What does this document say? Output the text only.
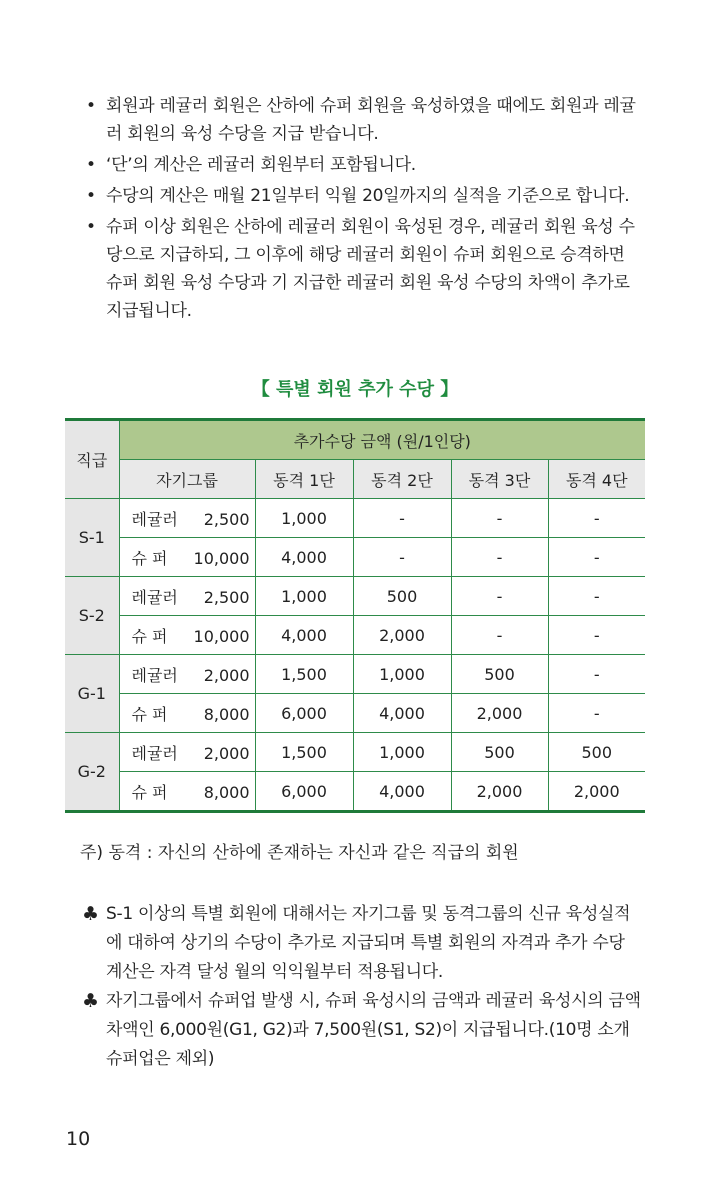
• 회원과 레귤러 회원은 산하에 슈퍼 회원을 육성하였을 때에도 회원과 레귤러 회원의 육성 수당을 지급 받습니다.
• ‘단’의 계산은 레귤러 회원부터 포함됩니다.
• 수당의 계산은 매월 21일부터 익월 20일까지의 실적을 기준으로 합니다.
• 슈퍼 이상 회원은 산하에 레귤러 회원이 육성된 경우, 레귤러 회원 육성 수당으로 지급하되, 그 이후에 해당 레귤러 회원이 슈퍼 회원으로 승격하면 슈퍼 회원 육성 수당과 기 지급한 레귤러 회원 육성 수당의 차액이 추가로 지급됩니다.
【 특별 회원 추가 수당 】
직급	추가수당 금액 (원/1인당)				
	자기그룹	동격 1단	동격 2단	동격 3단	동격 4단
S-1	레귤러 2,500	1,000	-	-	-
	슈 퍼 10,000	4,000	-	-	-
S-2	레귤러 2,500	1,000	500	-	-
	슈 퍼 10,000	4,000	2,000	-	-
G-1	레귤러 2,000	1,500	1,000	500	-
	슈 퍼 8,000	6,000	4,000	2,000	-
G-2	레귤러 2,000	1,500	1,000	500	500
	슈 퍼 8,000	6,000	4,000	2,000	2,000
주) 동격 : 자신의 산하에 존재하는 자신과 같은 직급의 회원
♣ S-1 이상의 특별 회원에 대해서는 자기그룹 및 동격그룹의 신규 육성실적에 대하여 상기의 수당이 추가로 지급되며 특별 회원의 자격과 추가 수당 계산은 자격 달성 월의 익익월부터 적용됩니다.
♣ 자기그룹에서 슈퍼업 발생 시, 슈퍼 육성시의 금액과 레귤러 육성시의 금액 차액인 6,000원(G1, G2)과 7,500원(S1, S2)이 지급됩니다.(10명 소개 슈퍼업은 제외)
10
